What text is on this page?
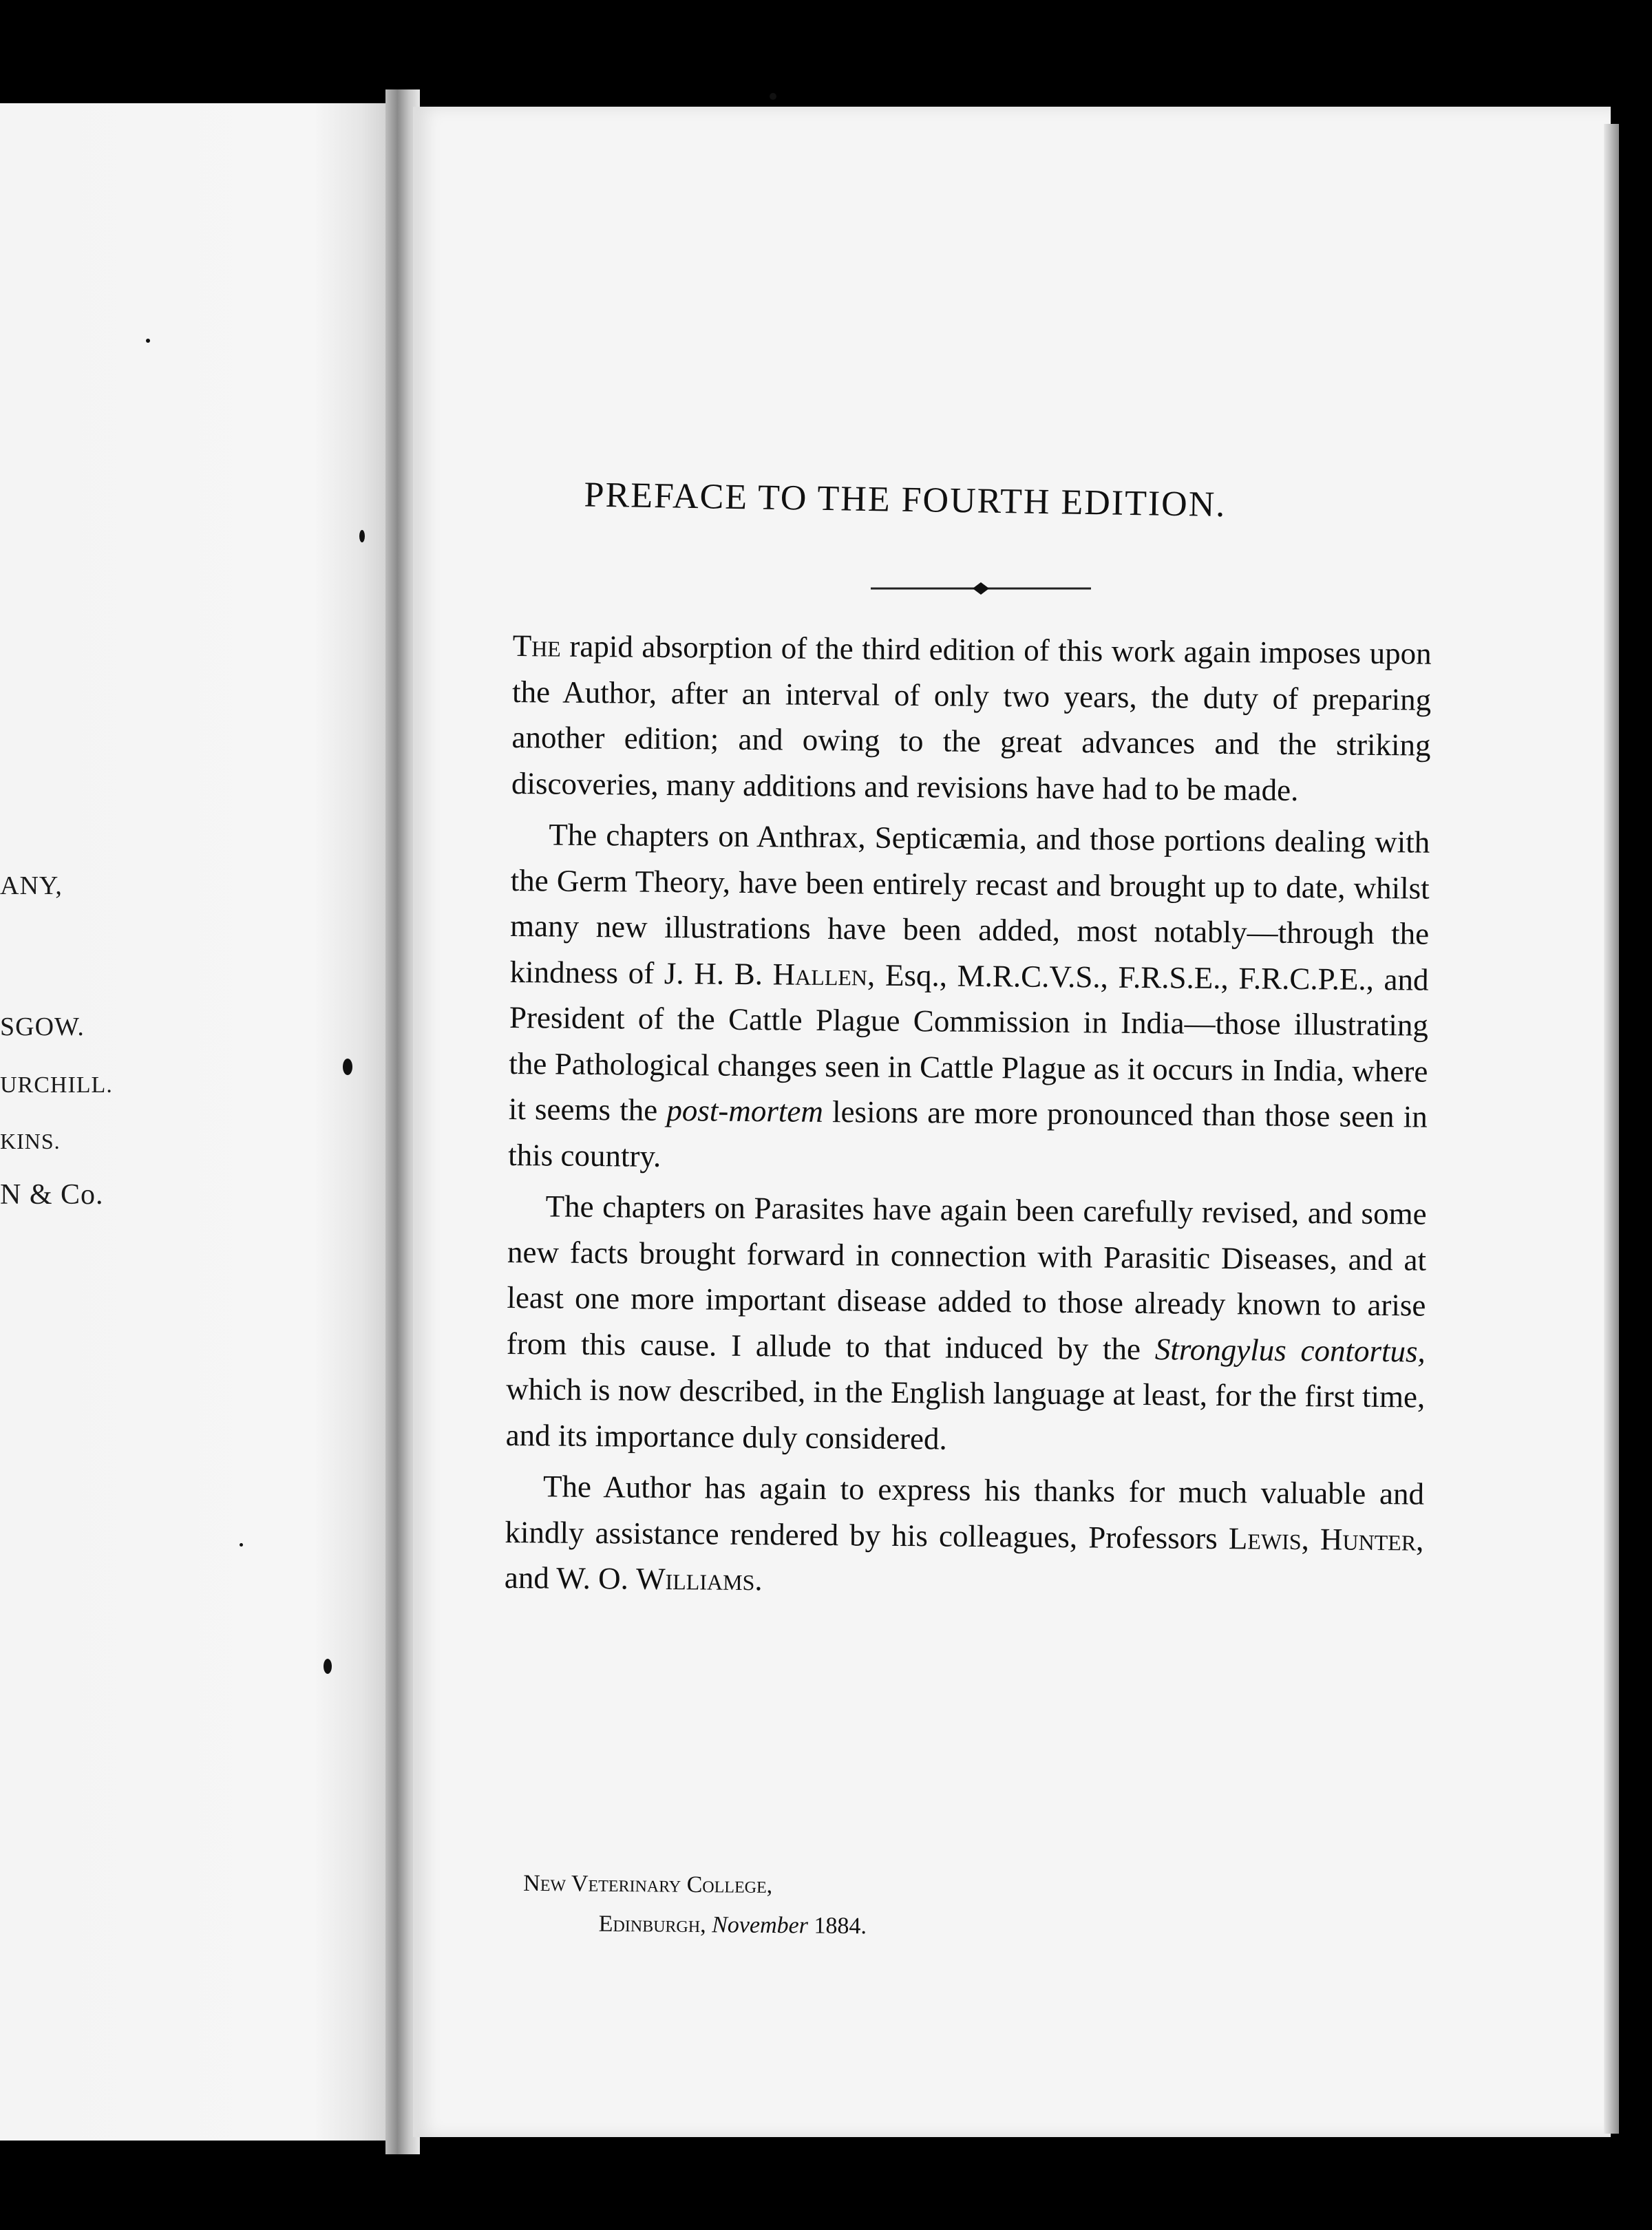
ANY,
SGOW.
URCHILL.
KINS.
N & Co.
PREFACE TO THE FOURTH EDITION.

The rapid absorption of the third edition of this work again imposes upon the Author, after an interval of only two years, the duty of preparing another edition; and owing to the great advances and the striking discoveries, many additions and revisions have had to be made.

The chapters on Anthrax, Septicæmia, and those portions dealing with the Germ Theory, have been entirely recast and brought up to date, whilst many new illustrations have been added, most notably—through the kindness of J. H. B. Hallen, Esq., M.R.C.V.S., F.R.S.E., F.R.C.P.E., and President of the Cattle Plague Commission in India—those illustrating the Pathological changes seen in Cattle Plague as it occurs in India, where it seems the post-mortem lesions are more pronounced than those seen in this country.

The chapters on Parasites have again been carefully revised, and some new facts brought forward in connection with Parasitic Diseases, and at least one more important disease added to those already known to arise from this cause. I allude to that induced by the Strongylus contortus, which is now described, in the English language at least, for the first time, and its importance duly considered.

The Author has again to express his thanks for much valuable and kindly assistance rendered by his colleagues, Professors Lewis, Hunter, and W. O. Williams.

New Veterinary College,
Edinburgh, November 1884.
